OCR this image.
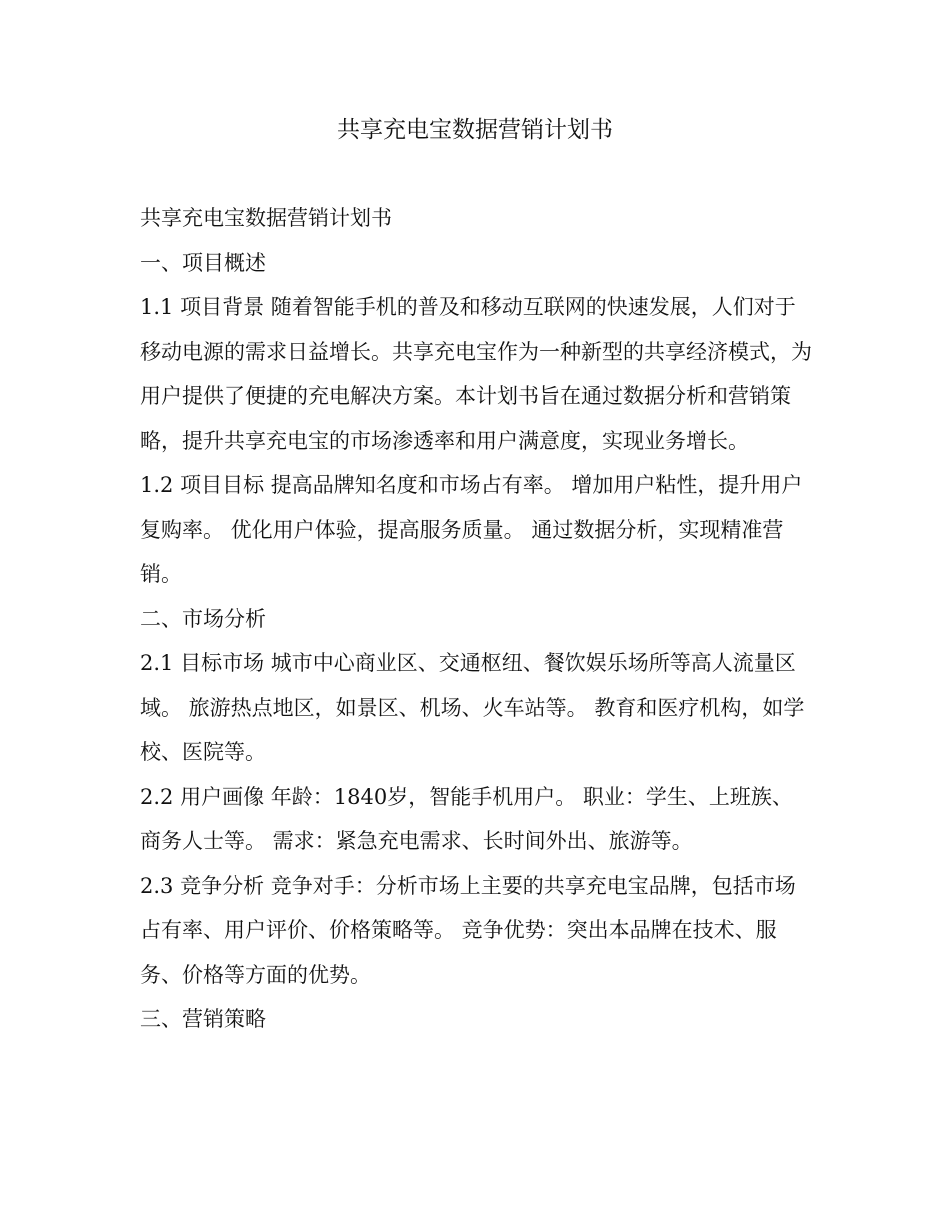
共享充电宝数据营销计划书

共享充电宝数据营销计划书

一、项目概述

1.1 项目背景 随着智能手机的普及和移动互联网的快速发展，人们对于移动电源的需求日益增长。共享充电宝作为一种新型的共享经济模式，为用户提供了便捷的充电解决方案。本计划书旨在通过数据分析和营销策略，提升共享充电宝的市场渗透率和用户满意度，实现业务增长。

1.2 项目目标 提高品牌知名度和市场占有率。 增加用户粘性，提升用户复购率。 优化用户体验，提高服务质量。 通过数据分析，实现精准营销。

二、市场分析

2.1 目标市场 城市中心商业区、交通枢纽、餐饮娱乐场所等高人流量区域。 旅游热点地区，如景区、机场、火车站等。 教育和医疗机构，如学校、医院等。

2.2 用户画像 年龄：1840岁，智能手机用户。 职业：学生、上班族、商务人士等。 需求：紧急充电需求、长时间外出、旅游等。

2.3 竞争分析 竞争对手：分析市场上主要的共享充电宝品牌，包括市场占有率、用户评价、价格策略等。 竞争优势：突出本品牌在技术、服务、价格等方面的优势。

三、营销策略
